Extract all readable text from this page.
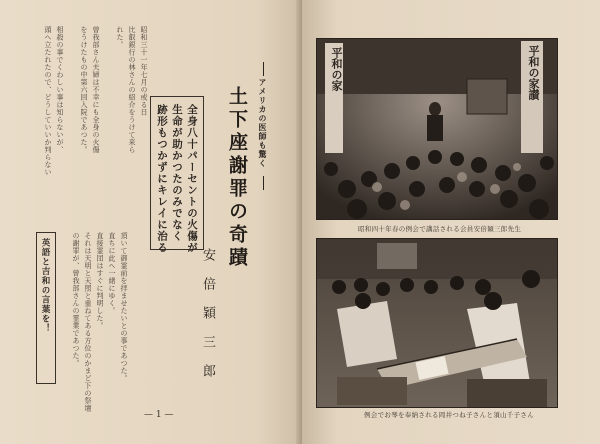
昭和三十一年七月の或る日
比叡銀行の林さんの紹介をうけて来ら
れた。
曾我部さん夫婦は不幸にも全身の火傷
をうけたもの中第六回入院であつた。
相殺の事でくわしい事は知らないが、
頭へ立たれたので、どうしていいか判らない
全身八十パーセントの火傷が
生命が助かつたのみでなく
跡形もつかずにキレイに治る
英語と吉和の言葉を！	頂いて御霊前を拝ませたいとの事であつた。
直ちに此へ一緒にゆく。
直接霊団はすぐに判明した。
それは天明と天照と重ねてある方位のかまど下の祭壇
の謝罪が、曾我部さんの霊業であつた。
アメリカの医師も驚く
土下座謝罪の奇蹟
安倍穎三郎
— 1 —
平和の家	平和の家讃
昭和四十年春の例会で講話される会員安倍穎三郎先生
例会でお琴を奉納される岡井つね子さんと須山千子さん
